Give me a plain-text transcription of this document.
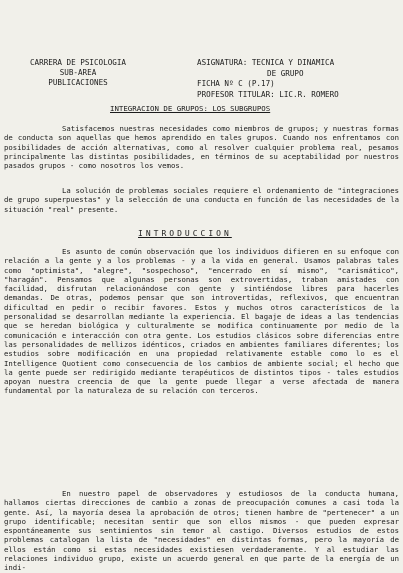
CARRERA DE PSICOLOGIA
SUB-AREA
PUBLICACIONES
ASIGNATURA: TECNICA Y DINAMICA
DE GRUPO
FICHA Nº C (P.17)
PROFESOR TITULAR: LIC.R. ROMERO
INTEGRACION DE GRUPOS: LOS SUBGRUPOS
Satisfacemos nuestras necesidades como miembros de grupos; y nuestras formas de conducta son aquellas que hemos aprendido en tales grupos. Cuando nos enfrentamos con posibilidades de acción alternativas, como al resolver cualquier problema real, pesamos principalmente las distintas posibilidades, en términos de su aceptabilidad por nuestros pasados grupos - como nosotros los vemos.
La solución de problemas sociales requiere el ordenamiento de "integraciones de grupo superpuestas" y la selección de una conducta en función de las necesidades de la situación "real" presente.
INTRODUCCION
Es asunto de común observación que los individuos difieren en su enfoque con relación a la gente y a los problemas - y a la vida en general. Usamos palabras tales como "optimista", "alegre", "sospechoso", "encerrado en sí mismo", "carismático", "haragán". Pensamos que algunas personas son extrovertidas, traban amistades con facilidad, disfrutan relacionándose con gente y sintiéndose libres para hacerles demandas. De otras, podemos pensar que son introvertidas, reflexivos, que encuentran dificultad en pedir o recibir favores. Estos y muchos otros característicos de la personalidad se desarrollan mediante la experiencia. El bagaje de ideas a las tendencias que se heredan biológica y culturalmente se modifica continuamente por medio de la comunicación e interacción con otra gente. Los estudios clásicos sobre diferencias entre las personalidades de mellizos idénticos, criados en ambientes familiares diferentes; los estudios sobre modificación en una propiedad relativamente estable como lo es el Intelligence Quotient como consecuencia de los cambios de ambiente social; el hecho que la gente puede ser redirigido mediante terapéuticos de distintos tipos - tales estudios apoyan nuestra creencia de que la gente puede llegar a verse afectada de manera fundamental por la naturaleza de su relación con terceros.
En nuestro papel de observadores y estudiosos de la conducta humana, hallamos ciertas direcciones de cambio a zonas de preocupación comunes a casi toda la gente. Así, la mayoría desea la aprobación de otros; tienen hambre de "pertenecer" a un grupo identificable; necesitan sentir que son ellos mismos - que pueden expresar espontáneamente sus sentimientos sin temor al castigo. Diversos estudios de estos problemas catalogan la lista de "necesidades" en distintas formas, pero la mayoría de ellos están como si estas necesidades existiesen verdaderamente. Y al estudiar las relaciones individuo grupo, existe un acuerdo general en que parte de la energía de un indi-
